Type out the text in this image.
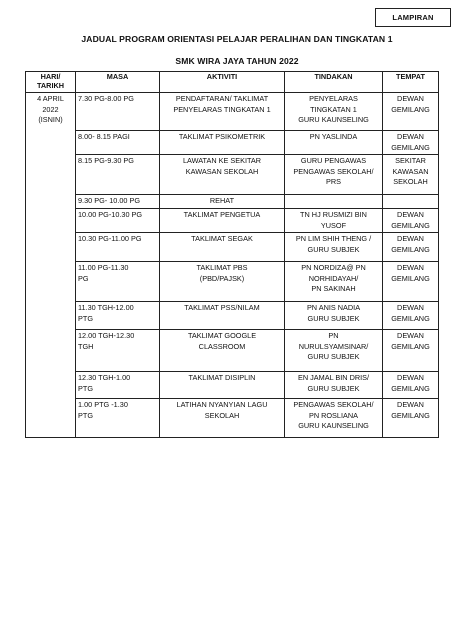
LAMPIRAN
JADUAL PROGRAM ORIENTASI PELAJAR PERALIHAN DAN TINGKATAN 1
SMK WIRA JAYA TAHUN 2022
HARI/ TARIKH	MASA	AKTIVITI	TINDAKAN	TEMPAT

4 APRIL
2022
(ISNIN)	7.30 PG-8.00 PG	PENDAFTARAN/ TAKLIMAT
PENYELARAS TINGKATAN 1	PENYELARAS
TINGKATAN 1
GURU KAUNSELING	DEWAN
GEMILANG

	8.00- 8.15 PAGI	TAKLIMAT PSIKOMETRIK	PN YASLINDA	DEWAN
GEMILANG

	8.15 PG-9.30 PG	LAWATAN KE SEKITAR
KAWASAN SEKOLAH	GURU PENGAWAS
PENGAWAS SEKOLAH/
PRS	SEKITAR
KAWASAN
SEKOLAH

	9.30 PG- 10.00 PG	REHAT		

	10.00 PG-10.30 PG	TAKLIMAT PENGETUA	TN HJ RUSMIZI BIN
YUSOF	DEWAN
GEMILANG

	10.30 PG-11.00 PG	TAKLIMAT SEGAK	PN LIM SHIH THENG /
GURU SUBJEK	DEWAN
GEMILANG

	11.00 PG-11.30
PG	TAKLIMAT PBS
(PBD/PAJSK)	PN NORDIZA@ PN
NORHIDAYAH/
PN SAKINAH	DEWAN
GEMILANG

	11.30 TGH-12.00
PTG	TAKLIMAT PSS/NILAM	PN ANIS NADIA
GURU SUBJEK	DEWAN
GEMILANG

	12.00 TGH-12.30
TGH	TAKLIMAT GOOGLE
CLASSROOM	PN
NURULSYAMSINAR/
GURU SUBJEK	DEWAN
GEMILANG

	12.30 TGH-1.00
PTG	TAKLIMAT DISIPLIN	EN JAMAL BIN DRIS/
GURU SUBJEK	DEWAN
GEMILANG

	1.00 PTG -1.30
PTG	LATIHAN NYANYIAN LAGU
SEKOLAH	PENGAWAS SEKOLAH/
PN ROSLIANA
GURU KAUNSELING	DEWAN
GEMILANG
